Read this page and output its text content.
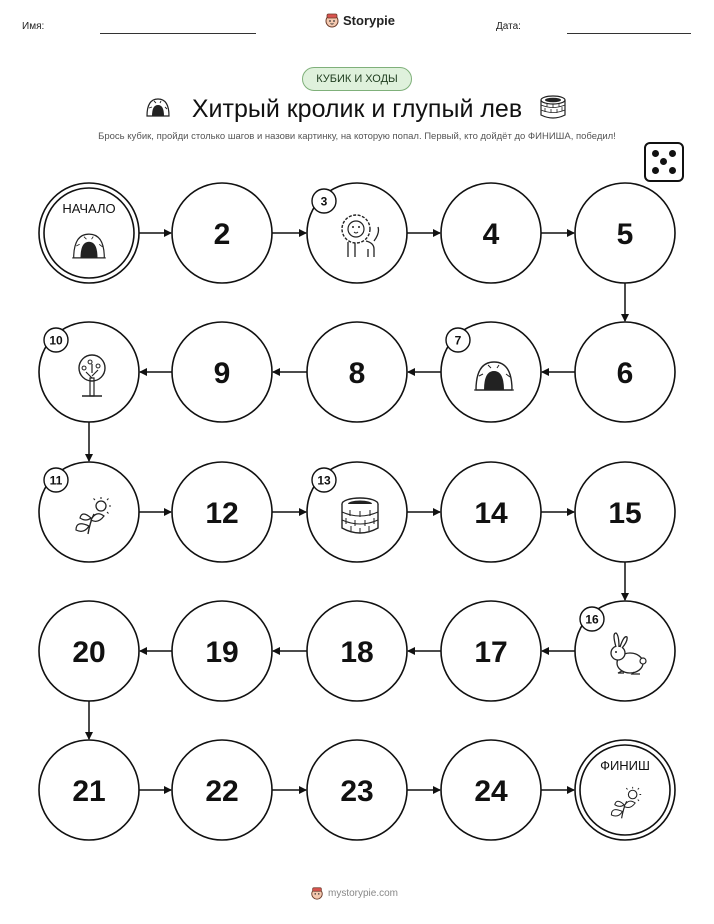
Имя:	Storypie	Дата:
КУБИК И ХОДЫ
Хитрый кролик и глупый лев
Брось кубик, пройди столько шагов и назови картинку, на которую попал. Первый, кто дойдёт до ФИНИША, победил!
НАЧАЛО
2
3
4	5
6
7
8
9
10
11
12
13
14	15
16
17
18
19
20
21	22	23	24
ФИНИШ
mystorypie.com
